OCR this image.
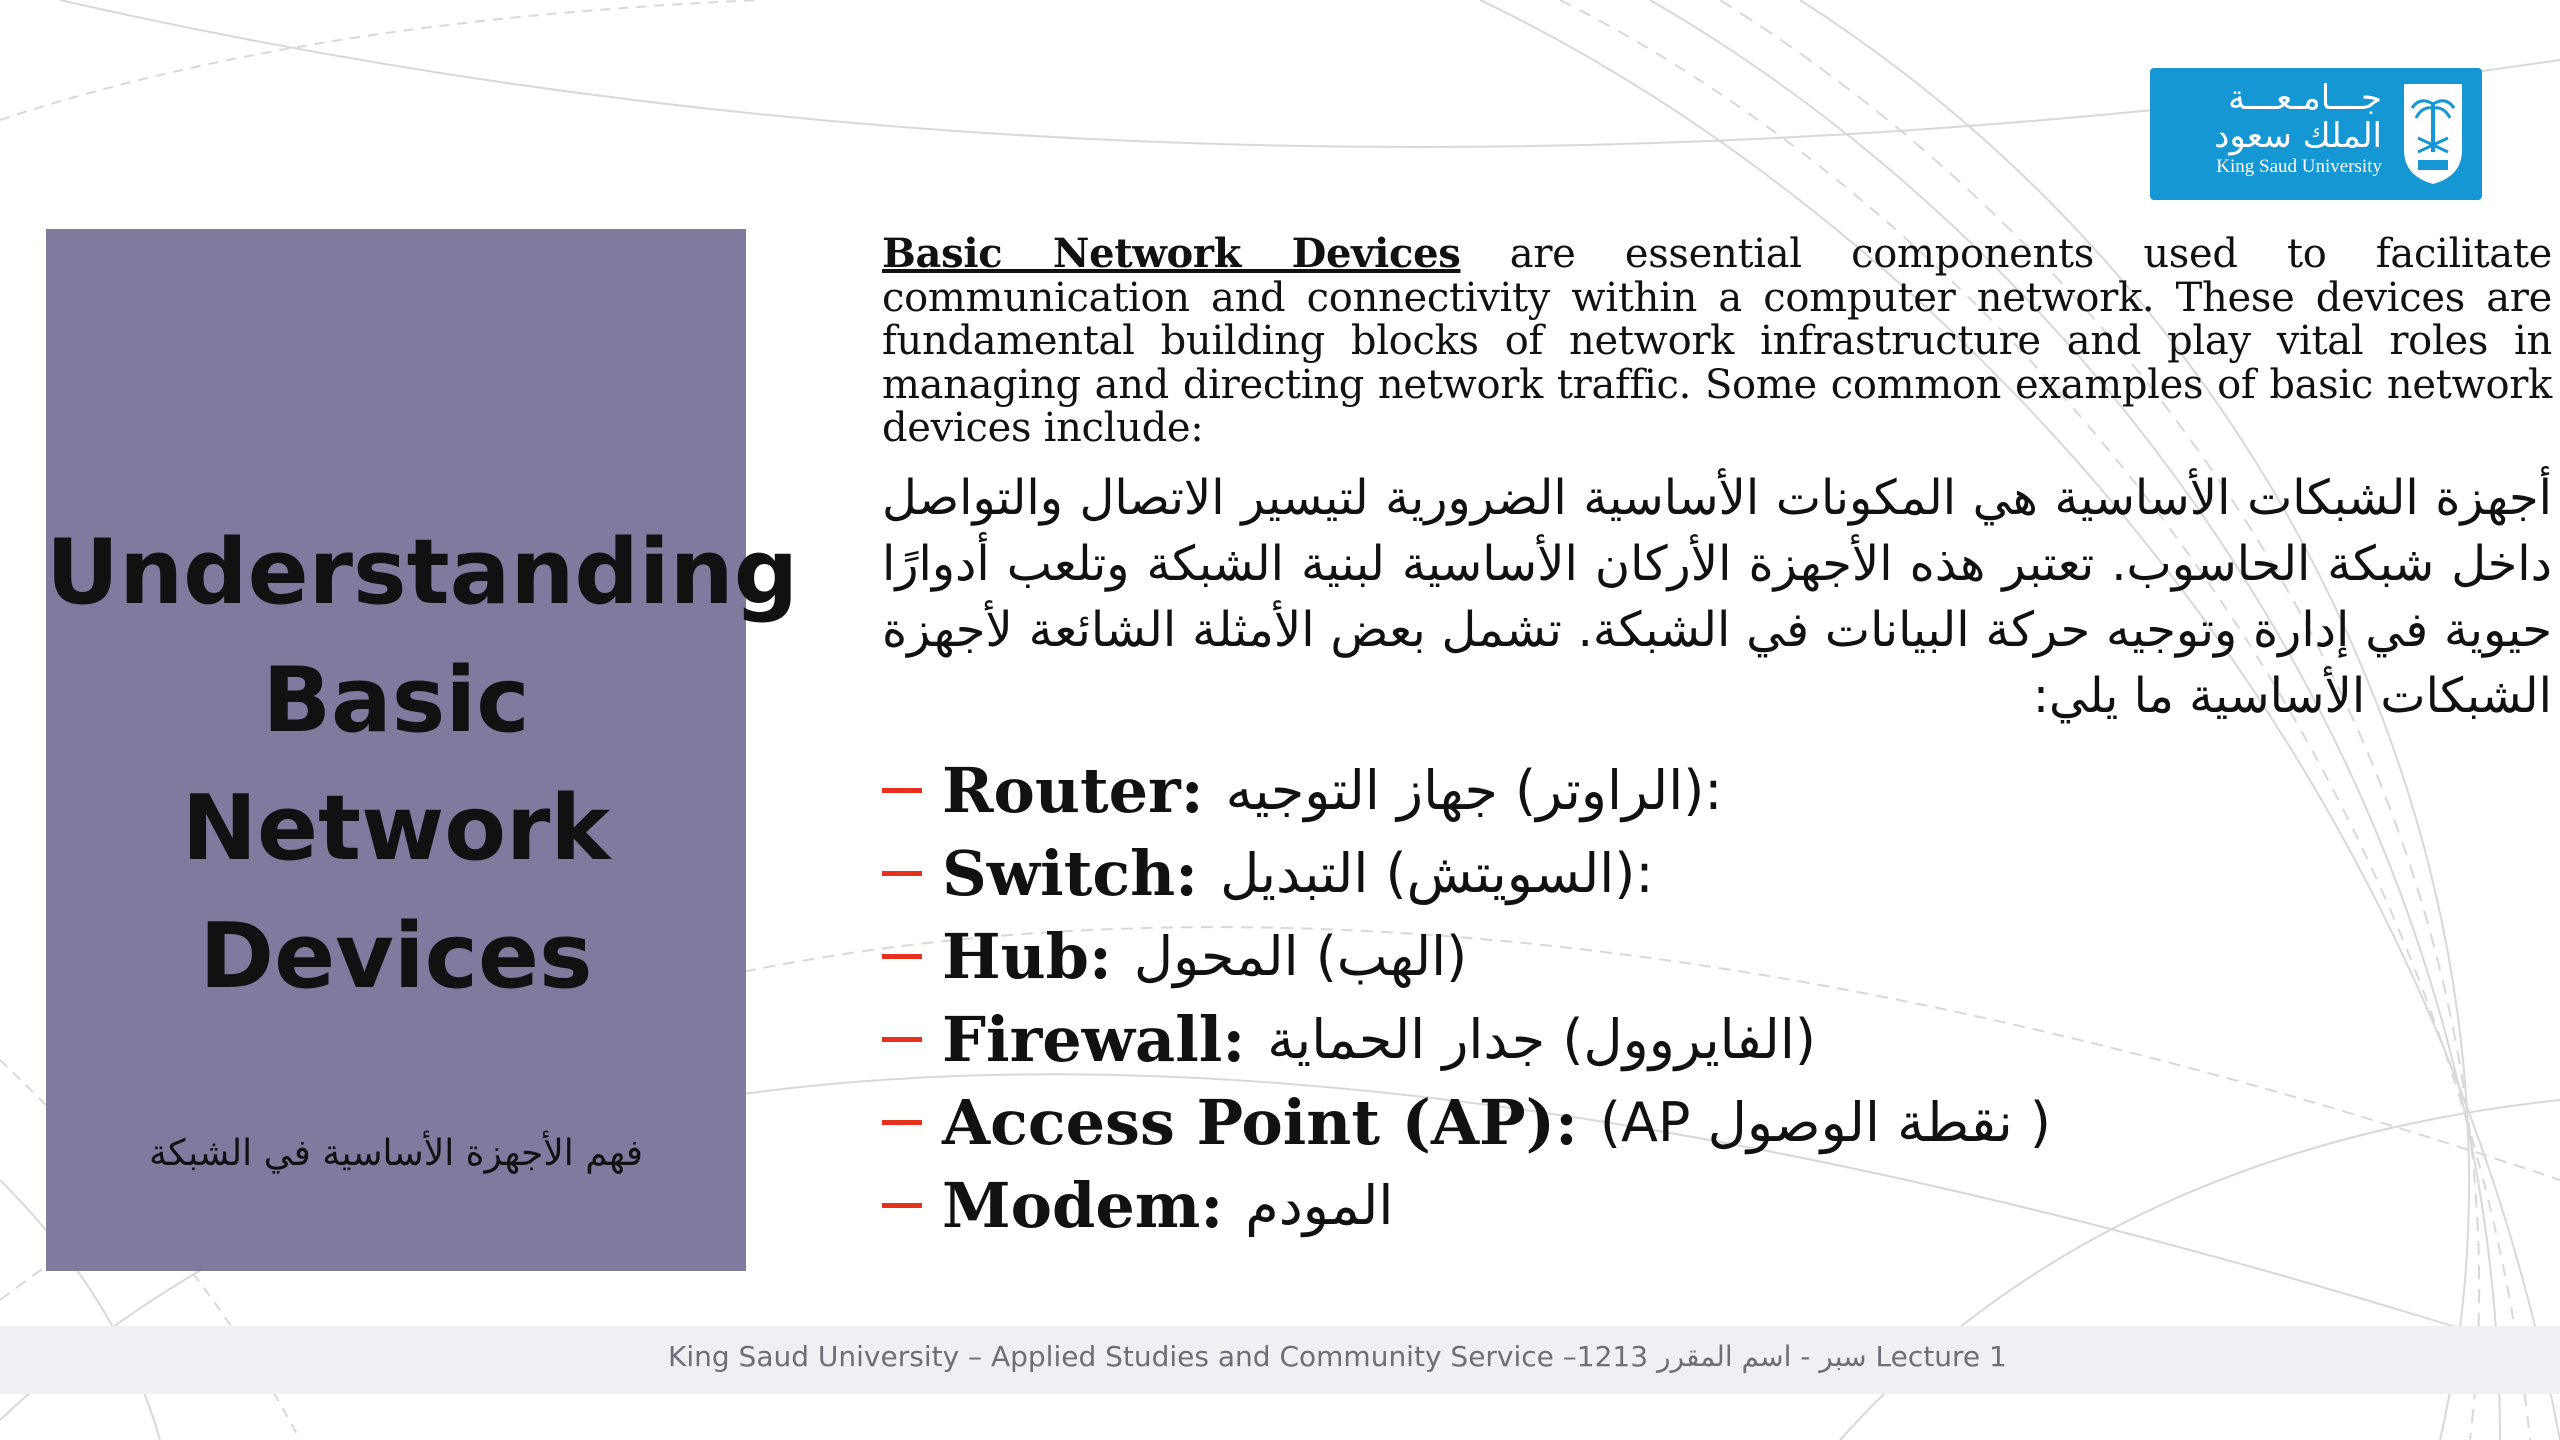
جـــامـعـــة
الملك سعود
King Saud University
Understanding
Basic Network
Devices
فهم الأجهزة الأساسية في الشبكة

Basic Network Devices are essential components used to facilitate communication and connectivity within a computer network. These devices are fundamental building blocks of network infrastructure and play vital roles in managing and directing network traffic. Some common examples of basic network devices include:

أجهزة الشبكات الأساسية هي المكونات الأساسية الضرورية لتيسير الاتصال والتواصل داخل شبكة الحاسوب. تعتبر هذه الأجهزة الأركان الأساسية لبنية الشبكة وتلعب أدوارًا حيوية في إدارة وتوجيه حركة البيانات في الشبكة. تشمل بعض الأمثلة الشائعة لأجهزة الشبكات الأساسية ما يلي:

Router: :(الراوتر) جهاز التوجيه
Switch: :(السويتش) التبديل
Hub: (الهب) المحول
Firewall: (الفايروول) جدار الحماية
Access Point (AP): ( نقطة الوصول AP)
Modem: المودم
King Saud University – Applied Studies and Community Service –1213 سبر - اسم المقرر Lecture 1
